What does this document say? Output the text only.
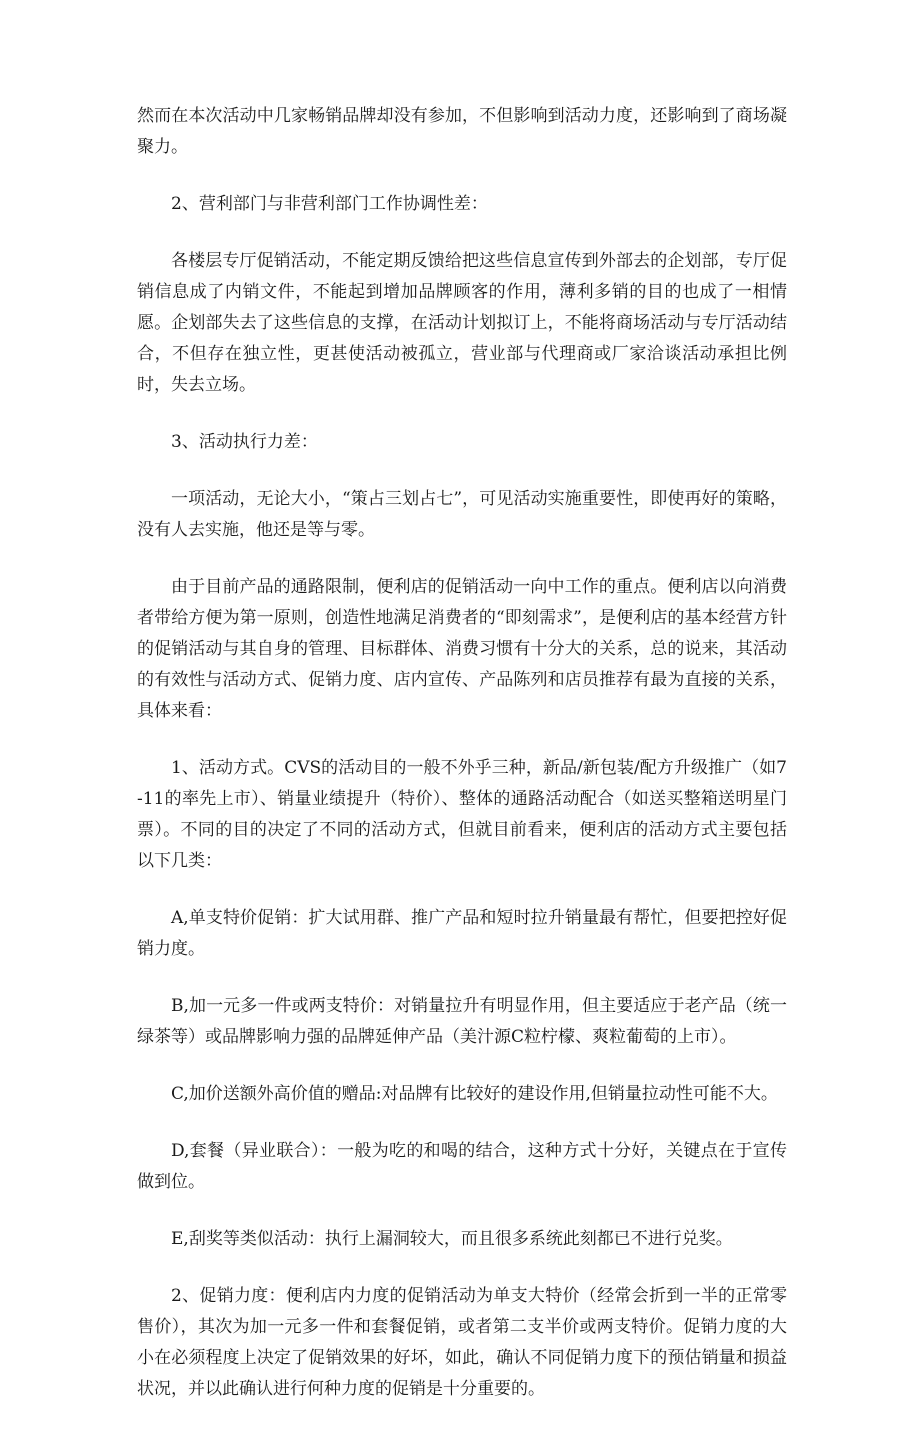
然而在本次活动中几家畅销品牌却没有参加，不但影响到活动力度，还影响到了商场凝聚力。

2、营利部门与非营利部门工作协调性差：

各楼层专厅促销活动，不能定期反馈给把这些信息宣传到外部去的企划部，专厅促销信息成了内销文件，不能起到增加品牌顾客的作用，薄利多销的目的也成了一相情愿。企划部失去了这些信息的支撑，在活动计划拟订上，不能将商场活动与专厅活动结合，不但存在独立性，更甚使活动被孤立，营业部与代理商或厂家洽谈活动承担比例时，失去立场。

3、活动执行力差：

一项活动，无论大小，“策占三划占七”，可见活动实施重要性，即使再好的策略，没有人去实施，他还是等与零。

由于目前产品的通路限制，便利店的促销活动一向中工作的重点。便利店以向消费者带给方便为第一原则，创造性地满足消费者的“即刻需求”，是便利店的基本经营方针的促销活动与其自身的管理、目标群体、消费习惯有十分大的关系，总的说来，其活动的有效性与活动方式、促销力度、店内宣传、产品陈列和店员推荐有最为直接的关系，具体来看：

1、活动方式。CVS的活动目的一般不外乎三种，新品/新包装/配方升级推广（如7-11的率先上市）、销量业绩提升（特价）、整体的通路活动配合（如送买整箱送明星门票）。不同的目的决定了不同的活动方式，但就目前看来，便利店的活动方式主要包括以下几类：

A,单支特价促销：扩大试用群、推广产品和短时拉升销量最有帮忙，但要把控好促销力度。

B,加一元多一件或两支特价：对销量拉升有明显作用，但主要适应于老产品（统一绿茶等）或品牌影响力强的品牌延伸产品（美汁源C粒柠檬、爽粒葡萄的上市）。

C,加价送额外高价值的赠品:对品牌有比较好的建设作用,但销量拉动性可能不大。

D,套餐（异业联合）：一般为吃的和喝的结合，这种方式十分好，关键点在于宣传做到位。

E,刮奖等类似活动：执行上漏洞较大，而且很多系统此刻都已不进行兑奖。

2、促销力度：便利店内力度的促销活动为单支大特价（经常会折到一半的正常零售价），其次为加一元多一件和套餐促销，或者第二支半价或两支特价。促销力度的大小在必须程度上决定了促销效果的好坏，如此，确认不同促销力度下的预估销量和损益状况，并以此确认进行何种力度的促销是十分重要的。
